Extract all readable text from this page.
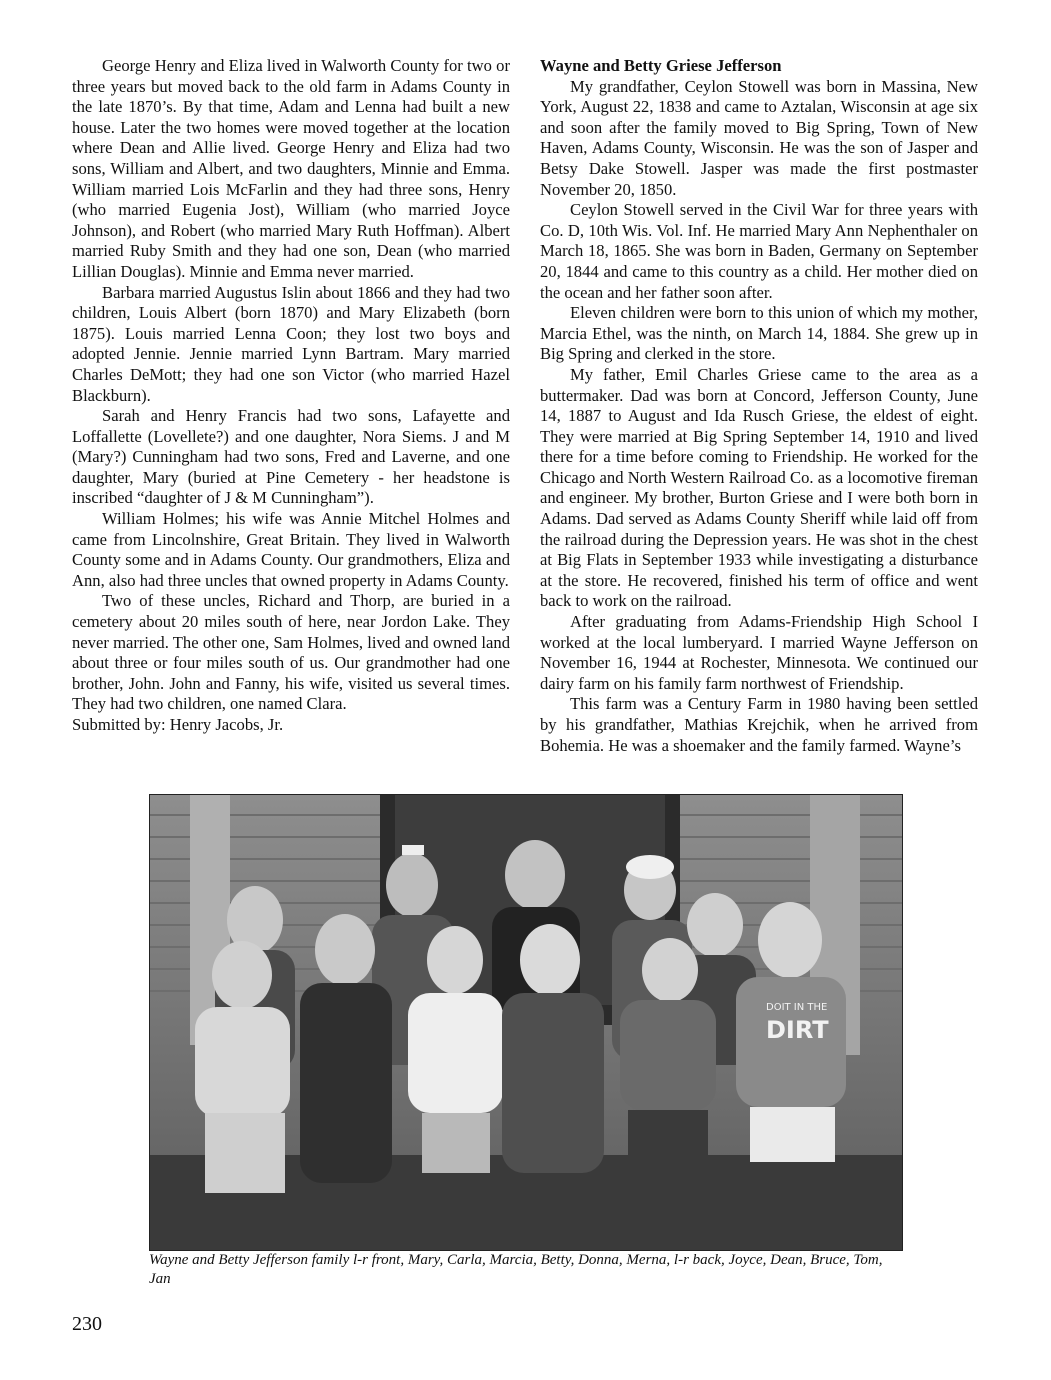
George Henry and Eliza lived in Walworth County for two or three years but moved back to the old farm in Adams County in the late 1870’s. By that time, Adam and Lenna had built a new house. Later the two homes were moved together at the location where Dean and Allie lived. George Henry and Eliza had two sons, William and Albert, and two daughters, Minnie and Emma. William married Lois McFarlin and they had three sons, Henry (who married Eugenia Jost), William (who married Joyce Johnson), and Robert (who married Mary Ruth Hoffman). Albert married Ruby Smith and they had one son, Dean (who married Lillian Douglas). Minnie and Emma never married.

Barbara married Augustus Islin about 1866 and they had two children, Louis Albert (born 1870) and Mary Elizabeth (born 1875). Louis married Lenna Coon; they lost two boys and adopted Jennie. Jennie married Lynn Bartram. Mary married Charles DeMott; they had one son Victor (who married Hazel Blackburn).

Sarah and Henry Francis had two sons, Lafayette and Loffallette (Lovellete?) and one daughter, Nora Siems. J and M (Mary?) Cunningham had two sons, Fred and Laverne, and one daughter, Mary (buried at Pine Cemetery - her headstone is inscribed “daughter of J & M Cunningham”).

William Holmes; his wife was Annie Mitchel Holmes and came from Lincolnshire, Great Britain. They lived in Walworth County some and in Adams County. Our grandmothers, Eliza and Ann, also had three uncles that owned property in Adams County.

Two of these uncles, Richard and Thorp, are buried in a cemetery about 20 miles south of here, near Jordon Lake. They never married. The other one, Sam Holmes, lived and owned land about three or four miles south of us. Our grandmother had one brother, John. John and Fanny, his wife, visited us several times. They had two children, one named Clara.

Submitted by: Henry Jacobs, Jr.

Wayne and Betty Griese Jefferson

My grandfather, Ceylon Stowell was born in Massina, New York, August 22, 1838 and came to Aztalan, Wisconsin at age six and soon after the family moved to Big Spring, Town of New Haven, Adams County, Wisconsin. He was the son of Jasper and Betsy Dake Stowell. Jasper was made the first postmaster November 20, 1850.

Ceylon Stowell served in the Civil War for three years with Co. D, 10th Wis. Vol. Inf. He married Mary Ann Nephenthaler on March 18, 1865. She was born in Baden, Germany on September 20, 1844 and came to this country as a child. Her mother died on the ocean and her father soon after.

Eleven children were born to this union of which my mother, Marcia Ethel, was the ninth, on March 14, 1884. She grew up in Big Spring and clerked in the store.

My father, Emil Charles Griese came to the area as a buttermaker. Dad was born at Concord, Jefferson County, June 14, 1887 to August and Ida Rusch Griese, the eldest of eight. They were married at Big Spring September 14, 1910 and lived there for a time before coming to Friendship. He worked for the Chicago and North Western Railroad Co. as a locomotive fireman and engineer. My brother, Burton Griese and I were both born in Adams. Dad served as Adams County Sheriff while laid off from the railroad during the Depression years. He was shot in the chest at Big Flats in September 1933 while investigating a disturbance at the store. He recovered, finished his term of office and went back to work on the railroad.

After graduating from Adams-Friendship High School I worked at the local lumberyard. I married Wayne Jefferson on November 16, 1944 at Rochester, Minnesota. We continued our dairy farm on his family farm northwest of Friendship.

This farm was a Century Farm in 1980 having been settled by his grandfather, Mathias Krejchik, when he arrived from Bohemia. He was a shoemaker and the family farmed. Wayne’s

DOIT IN THE
DIRT
Wayne and Betty Jefferson family l-r front, Mary, Carla, Marcia, Betty, Donna, Merna, l-r back, Joyce, Dean, Bruce, Tom, Jan
230
